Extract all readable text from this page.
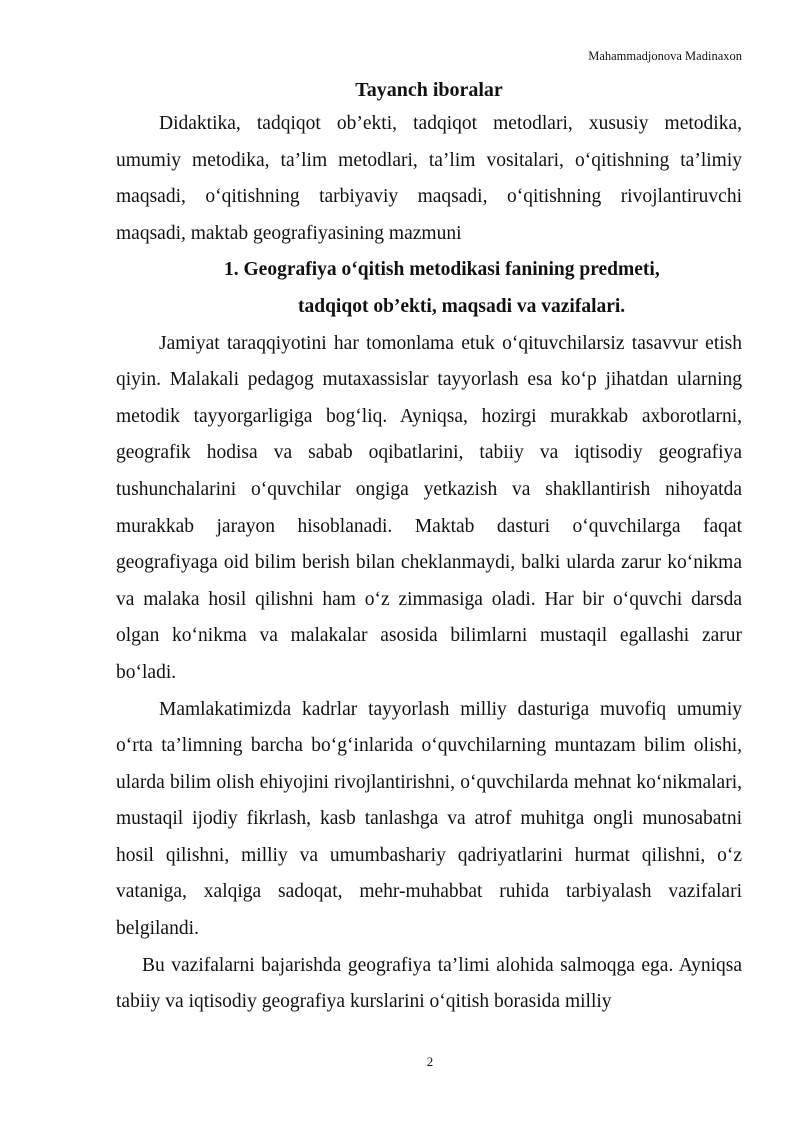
Mahammadjonova Madinaxon

Tayanch iboralar

Didaktika, tadqiqot ob’ekti, tadqiqot metodlari, xususiy metodika, umumiy metodika, ta’lim metodlari, ta’lim vositalari, o‘qitishning ta’limiy maqsadi, o‘qitishning tarbiyaviy maqsadi, o‘qitishning rivojlantiruvchi maqsadi, maktab geografiyasining mazmuni

1. Geografiya o‘qitish metodikasi fanining predmeti,
tadqiqot ob’ekti, maqsadi va vazifalari.

Jamiyat taraqqiyotini har tomonlama etuk o‘qituvchilarsiz tasavvur etish qiyin. Malakali pedagog mutaxassislar tayyorlash esa ko‘p jihatdan ularning metodik tayyorgarligiga bog‘liq. Ayniqsa, hozirgi murakkab axborotlarni, geografik hodisa va sabab oqibatlarini, tabiiy va iqtisodiy geografiya tushunchalarini o‘quvchilar ongiga yetkazish va shakllantirish nihoyatda murakkab jarayon hisoblanadi. Maktab dasturi o‘quvchilarga faqat geografiyaga oid bilim berish bilan cheklanmaydi, balki ularda zarur ko‘nikma va malaka hosil qilishni ham o‘z zimmasiga oladi. Har bir o‘quvchi darsda olgan ko‘nikma va malakalar asosida bilimlarni mustaqil egallashi zarur bo‘ladi.

Mamlakatimizda kadrlar tayyorlash milliy dasturiga muvofiq umumiy o‘rta ta’limning barcha bo‘g‘inlarida o‘quvchilarning muntazam bilim olishi, ularda bilim olish ehiyojini rivojlantirishni, o‘quvchilarda mehnat ko‘nikmalari, mustaqil ijodiy fikrlash, kasb tanlashga va atrof muhitga ongli munosabatni hosil qilishni, milliy va umumbashariy qadriyatlarini hurmat qilishni, o‘z vataniga, xalqiga sadoqat, mehr-muhabbat ruhida tarbiyalash vazifalari belgilandi.

Bu vazifalarni bajarishda geografiya ta’limi alohida salmoqga ega. Ayniqsa tabiiy va iqtisodiy geografiya kurslarini o‘qitish borasida milliy

2
